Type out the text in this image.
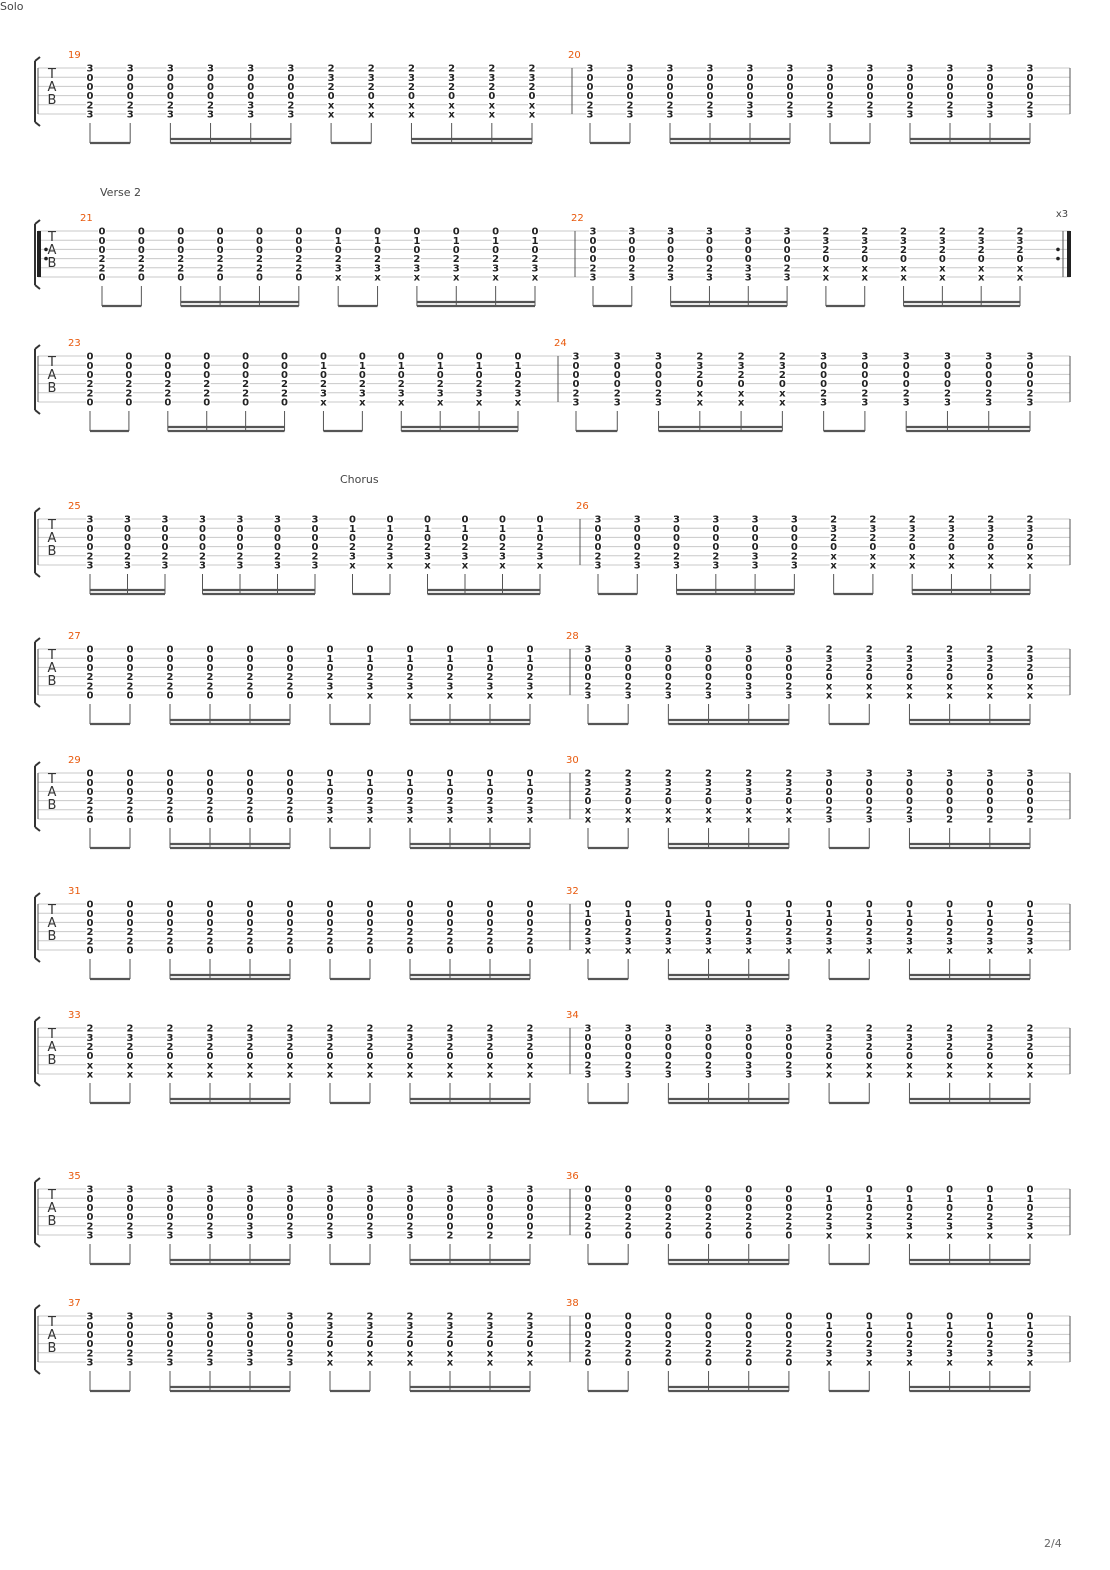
T
A
B
19
3
0
0
0
2
3
3
0
0
0
2
3
3
0
0
0
2
3
3
0
0
0
2
3
3
0
0
0
3
3
3
0
0
0
2
3
2
3
2
0
x
x
2
3
2
0
x
x
2
3
2
0
x
x
2
3
2
0
x
x
2
3
2
0
x
x
2
3
2
0
x
x
20
3
0
0
0
2
3
3
0
0
0
2
3
3
0
0
0
2
3
3
0
0
0
2
3
3
0
0
0
3
3
3
0
0
0
2
3
3
0
0
0
2
3
3
0
0
0
2
3
3
0
0
0
2
3
3
0
0
0
2
3
3
0
0
0
3
3
3
0
0
0
2
3
T
A
B
x3
21
0
0
0
2
2
0
0
0
0
2
2
0
0
0
0
2
2
0
0
0
0
2
2
0
0
0
0
2
2
0
0
0
0
2
2
0
0
1
0
2
3
x
0
1
0
2
3
x
0
1
0
2
3
x
0
1
0
2
3
x
0
1
0
2
3
x
0
1
0
2
3
x
22
3
0
0
0
2
3
3
0
0
0
2
3
3
0
0
0
2
3
3
0
0
0
2
3
3
0
0
0
3
3
3
0
0
0
2
3
2
3
2
0
x
x
2
3
2
0
x
x
2
3
2
0
x
x
2
3
2
0
x
x
2
3
2
0
x
x
2
3
2
0
x
x
T
A
B
23
0
0
0
2
2
0
0
0
0
2
2
0
0
0
0
2
2
0
0
0
0
2
2
0
0
0
0
2
2
0
0
0
0
2
2
0
0
1
0
2
3
x
0
1
0
2
3
x
0
1
0
2
3
x
0
1
0
2
3
x
0
1
0
2
3
x
0
1
0
2
3
x
24
3
0
0
0
2
3
3
0
0
0
2
3
3
0
0
0
2
3
2
3
2
0
x
x
2
3
2
0
x
x
2
3
2
0
x
x
3
0
0
0
2
3
3
0
0
0
2
3
3
0
0
0
2
3
3
0
0
0
2
3
3
0
0
0
2
3
3
0
0
0
2
3
T
A
B
25
3
0
0
0
2
3
3
0
0
0
2
3
3
0
0
0
2
3
3
0
0
0
2
3
3
0
0
0
2
3
3
0
0
0
2
3
3
0
0
0
2
3
0
1
0
2
3
x
0
1
0
2
3
x
0
1
0
2
3
x
0
1
0
2
3
x
0
1
0
2
3
x
0
1
0
2
3
x
26
3
0
0
0
2
3
3
0
0
0
2
3
3
0
0
0
2
3
3
0
0
0
2
3
3
0
0
0
3
3
3
0
0
0
2
3
2
3
2
0
x
x
2
3
2
0
x
x
2
3
2
0
x
x
2
3
2
0
x
x
2
3
2
0
x
x
2
3
2
0
x
x
T
A
B
27
0
0
0
2
2
0
0
0
0
2
2
0
0
0
0
2
2
0
0
0
0
2
2
0
0
0
0
2
2
0
0
0
0
2
2
0
0
1
0
2
3
x
0
1
0
2
3
x
0
1
0
2
3
x
0
1
0
2
3
x
0
1
0
2
3
x
0
1
0
2
3
x
28
3
0
0
0
2
3
3
0
0
0
2
3
3
0
0
0
2
3
3
0
0
0
2
3
3
0
0
0
3
3
3
0
0
0
2
3
2
3
2
0
x
x
2
3
2
0
x
x
2
3
2
0
x
x
2
3
2
0
x
x
2
3
2
0
x
x
2
3
2
0
x
x
T
A
B
29
0
0
0
2
2
0
0
0
0
2
2
0
0
0
0
2
2
0
0
0
0
2
2
0
0
0
0
2
2
0
0
0
0
2
2
0
0
1
0
2
3
x
0
1
0
2
3
x
0
1
0
2
3
x
0
1
0
2
3
x
0
1
0
2
3
x
0
1
0
2
3
x
30
2
3
2
0
x
x
2
3
2
0
x
x
2
3
2
0
x
x
2
3
2
0
x
x
2
3
3
0
x
x
2
3
2
0
x
x
3
0
0
0
2
3
3
0
0
0
2
3
3
0
0
0
2
3
3
0
0
0
0
2
3
0
0
0
0
2
3
0
0
0
0
2
T
A
B
31
0
0
0
2
2
0
0
0
0
2
2
0
0
0
0
2
2
0
0
0
0
2
2
0
0
0
0
2
2
0
0
0
0
2
2
0
0
0
0
2
2
0
0
0
0
2
2
0
0
0
0
2
2
0
0
0
0
2
2
0
0
0
0
2
2
0
0
0
0
2
2
0
32
0
1
0
2
3
x
0
1
0
2
3
x
0
1
0
2
3
x
0
1
0
2
3
x
0
1
0
2
3
x
0
1
0
2
3
x
0
1
0
2
3
x
0
1
0
2
3
x
0
1
0
2
3
x
0
1
0
2
3
x
0
1
0
2
3
x
0
1
0
2
3
x
T
A
B
33
2
3
2
0
x
x
2
3
2
0
x
x
2
3
2
0
x
x
2
3
2
0
x
x
2
3
2
0
x
x
2
3
2
0
x
x
2
3
2
0
x
x
2
3
2
0
x
x
2
3
2
0
x
x
2
3
2
0
x
x
2
3
2
0
x
x
2
3
2
0
x
x
34
3
0
0
0
2
3
3
0
0
0
2
3
3
0
0
0
2
3
3
0
0
0
2
3
3
0
0
0
3
3
3
0
0
0
2
3
2
3
2
0
x
x
2
3
2
0
x
x
2
3
2
0
x
x
2
3
2
0
x
x
2
3
2
0
x
x
2
3
2
0
x
x
T
A
B
35
3
0
0
0
2
3
3
0
0
0
2
3
3
0
0
0
2
3
3
0
0
0
2
3
3
0
0
0
3
3
3
0
0
0
2
3
3
0
0
0
2
3
3
0
0
0
2
3
3
0
0
0
2
3
3
0
0
0
0
2
3
0
0
0
0
2
3
0
0
0
0
2
36
0
0
0
2
2
0
0
0
0
2
2
0
0
0
0
2
2
0
0
0
0
2
2
0
0
0
0
2
2
0
0
0
0
2
2
0
0
1
0
2
3
x
0
1
0
2
3
x
0
1
0
2
3
x
0
1
0
2
3
x
0
1
0
2
3
x
0
1
0
2
3
x
T
A
B
37
3
0
0
0
2
3
3
0
0
0
2
3
3
0
0
0
2
3
3
0
0
0
2
3
3
0
0
0
3
3
3
0
0
0
2
3
2
3
2
0
x
x
2
3
2
0
x
x
2
3
2
0
x
x
2
3
2
0
x
x
2
3
2
0
x
x
2
3
2
0
x
x
38
0
0
0
2
2
0
0
0
0
2
2
0
0
0
0
2
2
0
0
0
0
2
2
0
0
0
0
2
2
0
0
0
0
2
2
0
0
1
0
2
3
x
0
1
0
2
3
x
0
1
0
2
3
x
0
1
0
2
3
x
0
1
0
2
3
x
0
1
0
2
3
x
Verse 2
Chorus
Solo
2/4
